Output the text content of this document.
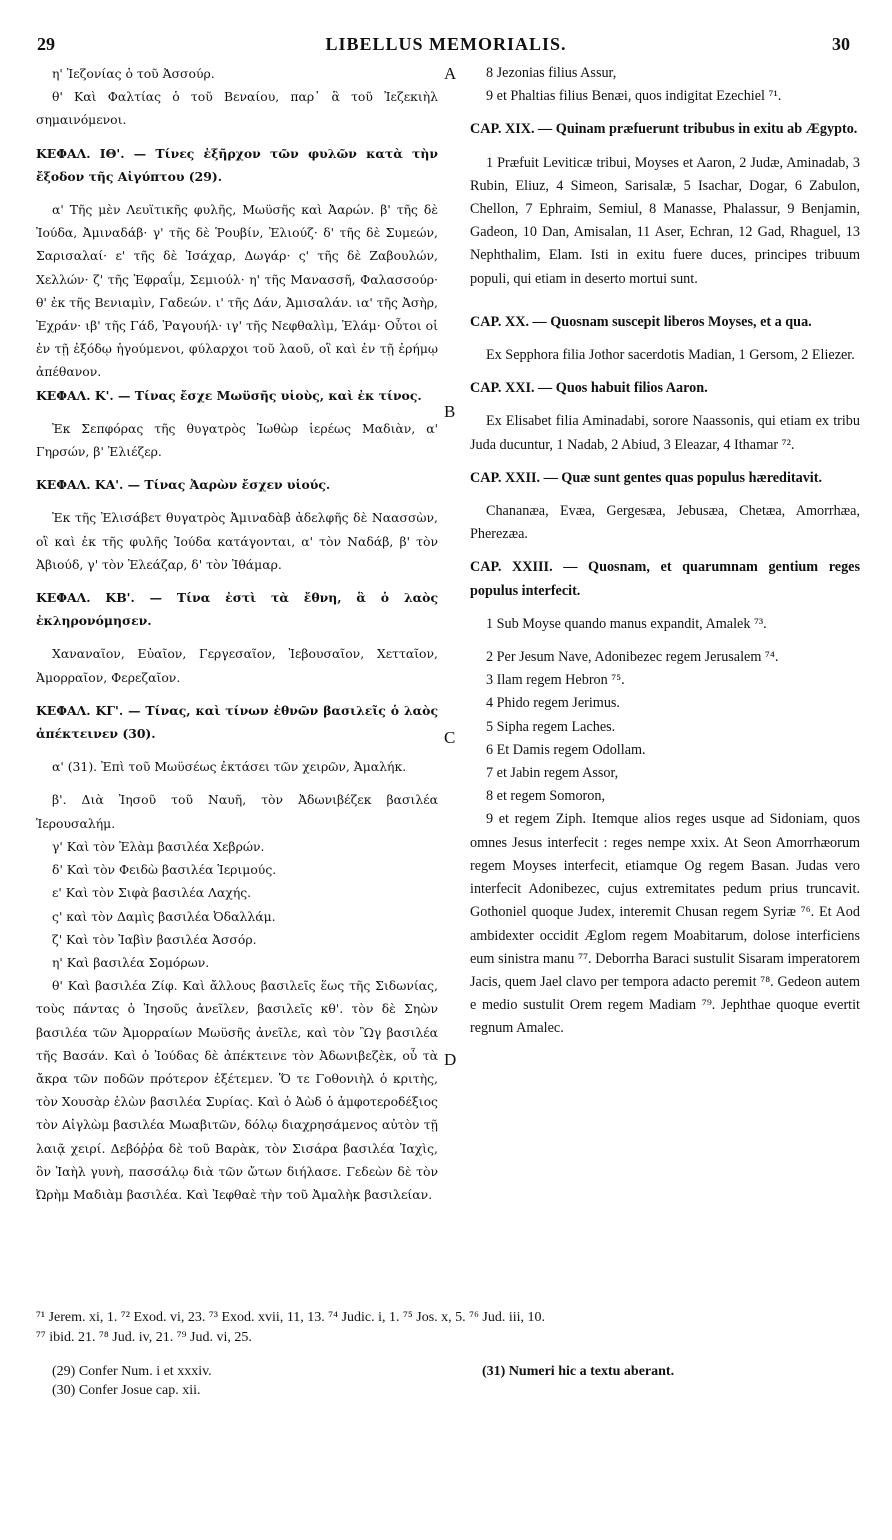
LIBELLUS MEMORIALIS.
29	30

η' Ἰεζονίας ὁ τοῦ Ἀσσούρ.

θ' Καὶ Φαλτίας ὁ τοῦ Βεναίου, παρ᾽ ἃ τοῦ Ἰεζεκιὴλ σημαινόμενοι.

ΚΕΦΑΛ. ΙΘ'. — Τίνες ἐξῆρχον τῶν φυλῶν κατὰ τὴν ἔξοδον τῆς Αἰγύπτου (29).

α' Τῆς μὲν Λευϊτικῆς φυλῆς, Μωϋσῆς καὶ Ἀαρών. β' τῆς δὲ Ἰούδα, Ἀμιναδάβ· γ' τῆς δὲ Ῥουβίν, Ἐλιούζ· δ' τῆς δὲ Συμεών, Σαρισαλαί· ε' τῆς δὲ Ἰσάχαρ, Δωγάρ· ς' τῆς δὲ Ζαβουλών, Χελλών· ζ' τῆς Ἐφραΐμ, Σεμιούλ· η' τῆς Μανασσῆ, Φαλασσούρ· θ' ἐκ τῆς Βενιαμὶν, Γαδεών. ι' τῆς Δάν, Ἀμισαλάν. ια' τῆς Ἀσὴρ, Ἐχράν· ιβ' τῆς Γάδ, Ῥαγουήλ· ιγ' τῆς Νεφθαλὶμ, Ἐλάμ· Οὗτοι οἱ ἐν τῇ ἐξόδῳ ἡγούμενοι, φύλαρχοι τοῦ λαοῦ, οἳ καὶ ἐν τῇ ἐρήμῳ ἀπέθανον.

ΚΕΦΑΛ. Κ'. — Τίνας ἔσχε Μωϋσῆς υἱοὺς, καὶ ἐκ τίνος.

Ἐκ Σεπφόρας τῆς θυγατρὸς Ἰωθὼρ ἱερέως Μαδιὰν, α' Γηρσών, β' Ἐλιέζερ.

ΚΕΦΑΛ. ΚΑ'. — Τίνας Ἀαρὼν ἔσχεν υἱούς.

Ἐκ τῆς Ἐλισάβετ θυγατρὸς Ἀμιναδὰβ ἀδελφῆς δὲ Ναασσὼν, οἳ καὶ ἐκ τῆς φυλῆς Ἰούδα κατάγονται, α' τὸν Ναδάβ, β' τὸν Ἀβιούδ, γ' τὸν Ἐλεάζαρ, δ' τὸν Ἰθάμαρ.

ΚΕΦΑΛ. ΚΒ'. — Τίνα ἐστὶ τὰ ἔθνη, ἃ ὁ λαὸς ἐκληρονόμησεν.

Χαναναῖον, Εὐαῖον, Γεργεσαῖον, Ἰεβουσαῖον, Χετταῖον, Ἀμορραῖον, Φερεζαῖον.

ΚΕΦΑΛ. ΚΓ'. — Τίνας, καὶ τίνων ἐθνῶν βασιλεῖς ὁ λαὸς ἀπέκτεινεν (30).

α' (31). Ἐπὶ τοῦ Μωϋσέως ἐκτάσει τῶν χειρῶν, Ἀμαλήκ.

β'. Διὰ Ἰησοῦ τοῦ Ναυῆ, τὸν Ἀδωνιβέζεκ βασιλέα Ἱερουσαλήμ.

γ' Καὶ τὸν Ἐλὰμ βασιλέα Χεβρών.

δ' Καὶ τὸν Φειδὼ βασιλέα Ἱεριμούς.

ε' Καὶ τὸν Σιφὰ βασιλέα Λαχής.

ς' καὶ τὸν Δαμὶς βασιλέα Ὀδαλλάμ.

ζ' Καὶ τὸν Ἰαβὶν βασιλέα Ἀσσόρ.

η' Καὶ βασιλέα Σομόρων.

θ' Καὶ βασιλέα Ζίφ. Καὶ ἄλλους βασιλεῖς ἕως τῆς Σιδωνίας, τοὺς πάντας ὁ Ἰησοῦς ἀνεῖλεν, βασιλεῖς κθ'. τὸν δὲ Σηὼν βασιλέα τῶν Ἀμορραίων Μωϋσῆς ἀνεῖλε, καὶ τὸν Ὢγ βασιλέα τῆς Βασάν. Καὶ ὁ Ἰούδας δὲ ἀπέκτεινε τὸν Ἀδωνιβεζὲκ, οὗ τὰ ἄκρα τῶν ποδῶν πρότερον ἐξέτεμεν. Ὅ τε Γοθονιὴλ ὁ κριτὴς, τὸν Χουσὰρ ἑλὼν βασιλέα Συρίας. Καὶ ὁ Ἀὼδ ὁ ἀμφοτεροδέξιος τὸν Αἰγλὼμ βασιλέα Μωαβιτῶν, δόλῳ διαχρησάμενος αὐτὸν τῇ λαιᾷ χειρί. Δεβόῤῥα δὲ τοῦ Βαρὰκ, τὸν Σισάρα βασιλέα Ἰαχὶς, ὃν Ἰαὴλ γυνὴ, πασσάλῳ διὰ τῶν ὤτων διήλασε. Γεδεὼν δὲ τὸν Ὠρὴμ Μαδιὰμ βασιλέα. Καὶ Ἰεφθαὲ τὴν τοῦ Ἀμαλὴκ βασιλείαν.

8 Jezonias filius Assur,

9 et Phaltias filius Benæi, quos indigitat Ezechiel ⁷¹.

CAP. XIX. — Quinam præfuerunt tribubus in exitu ab Ægypto.

1 Præfuit Leviticæ tribui, Moyses et Aaron, 2 Judæ, Aminadab, 3 Rubin, Eliuz, 4 Simeon, Sarisalæ, 5 Isachar, Dogar, 6 Zabulon, Chellon, 7 Ephraim, Semiul, 8 Manasse, Phalassur, 9 Benjamin, Gadeon, 10 Dan, Amisalan, 11 Aser, Echran, 12 Gad, Rhaguel, 13 Nephthalim, Elam. Isti in exitu fuere duces, principes tribuum populi, qui etiam in deserto mortui sunt.

CAP. XX. — Quosnam suscepit liberos Moyses, et a qua.

Ex Sepphora filia Jothor sacerdotis Madian, 1 Gersom, 2 Eliezer.

CAP. XXI. — Quos habuit filios Aaron.

Ex Elisabet filia Aminadabi, sorore Naassonis, qui etiam ex tribu Juda ducuntur, 1 Nadab, 2 Abiud, 3 Eleazar, 4 Ithamar ⁷².

CAP. XXII. — Quæ sunt gentes quas populus hæreditavit.

Chananæa, Evæa, Gergesæa, Jebusæa, Chetæa, Amorrhæa, Pherezæa.

CAP. XXIII. — Quosnam, et quarumnam gentium reges populus interfecit.

1 Sub Moyse quando manus expandit, Amalek ⁷³.

2 Per Jesum Nave, Adonibezec regem Jerusalem ⁷⁴.

3 Ilam regem Hebron ⁷⁵.

4 Phido regem Jerimus.

5 Sipha regem Laches.

6 Et Damis regem Odollam.

7 et Jabin regem Assor,

8 et regem Somoron,

9 et regem Ziph. Itemque alios reges usque ad Sidoniam, quos omnes Jesus interfecit : reges nempe xxix. At Seon Amorrhæorum regem Moyses interfecit, etiamque Og regem Basan. Judas vero interfecit Adonibezec, cujus extremitates pedum prius truncavit. Gothoniel quoque Judex, interemit Chusan regem Syriæ ⁷⁶. Et Aod ambidexter occidit Æglom regem Moabitarum, dolose interficiens eum sinistra manu ⁷⁷. Deborrha Baraci sustulit Sisaram imperatorem Jacis, quem Jael clavo per tempora adacto peremit ⁷⁸. Gedeon autem e medio sustulit Orem regem Madiam ⁷⁹. Jephthae quoque evertit regnum Amalec.

A
B
C
D
⁷¹ Jerem. xi, 1. ⁷² Exod. vi, 23. ⁷³ Exod. xvii, 11, 13. ⁷⁴ Judic. i, 1. ⁷⁵ Jos. x, 5. ⁷⁶ Jud. iii, 10.
⁷⁷ ibid. 21. ⁷⁸ Jud. iv, 21. ⁷⁹ Jud. vi, 25.
(29) Confer Num. i et xxxiv.
(30) Confer Josue cap. xii.
(31) Numeri hic a textu aberant.
